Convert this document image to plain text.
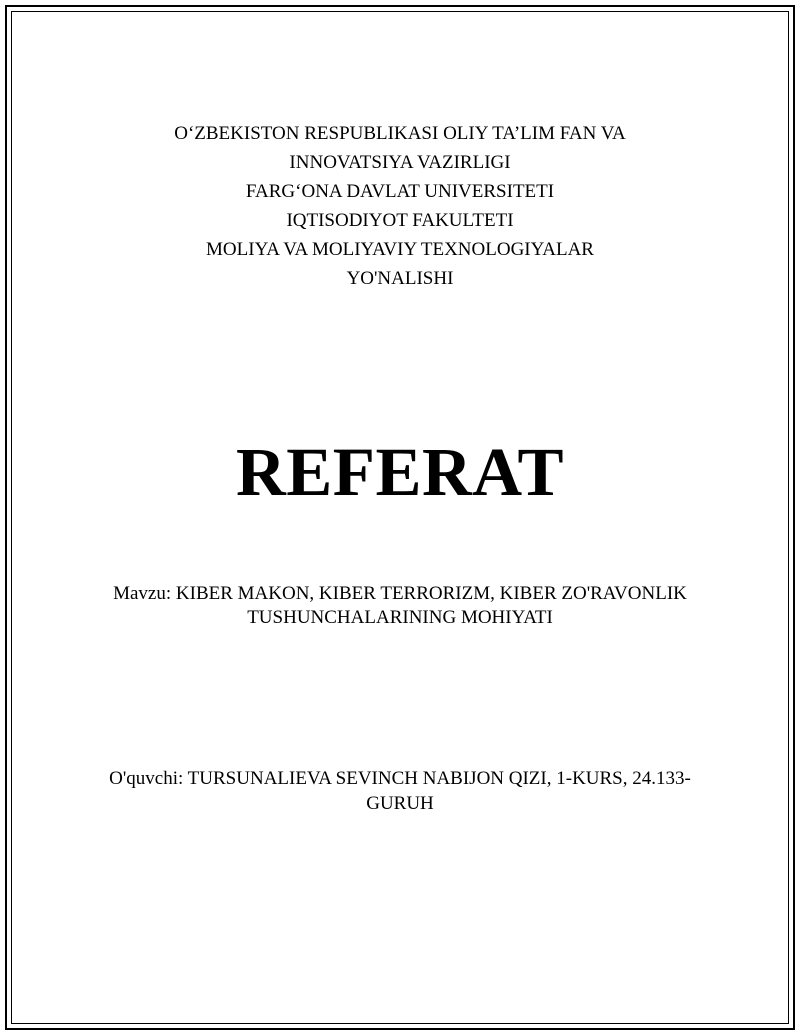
O‘ZBEKISTON RESPUBLIKASI OLIY TA’LIM FAN VA
INNOVATSIYA VAZIRLIGI
FARG‘ONA DAVLAT UNIVERSITETI
IQTISODIYOT FAKULTETI
MOLIYA VA MOLIYAVIY TEXNOLOGIYALAR
YO'NALISHI
REFERAT
Mavzu: KIBER MAKON, KIBER TERRORIZM, KIBER ZO'RAVONLIK
TUSHUNCHALARINING MOHIYATI
O'quvchi: TURSUNALIEVA SEVINCH NABIJON QIZI, 1-KURS, 24.133-
GURUH
